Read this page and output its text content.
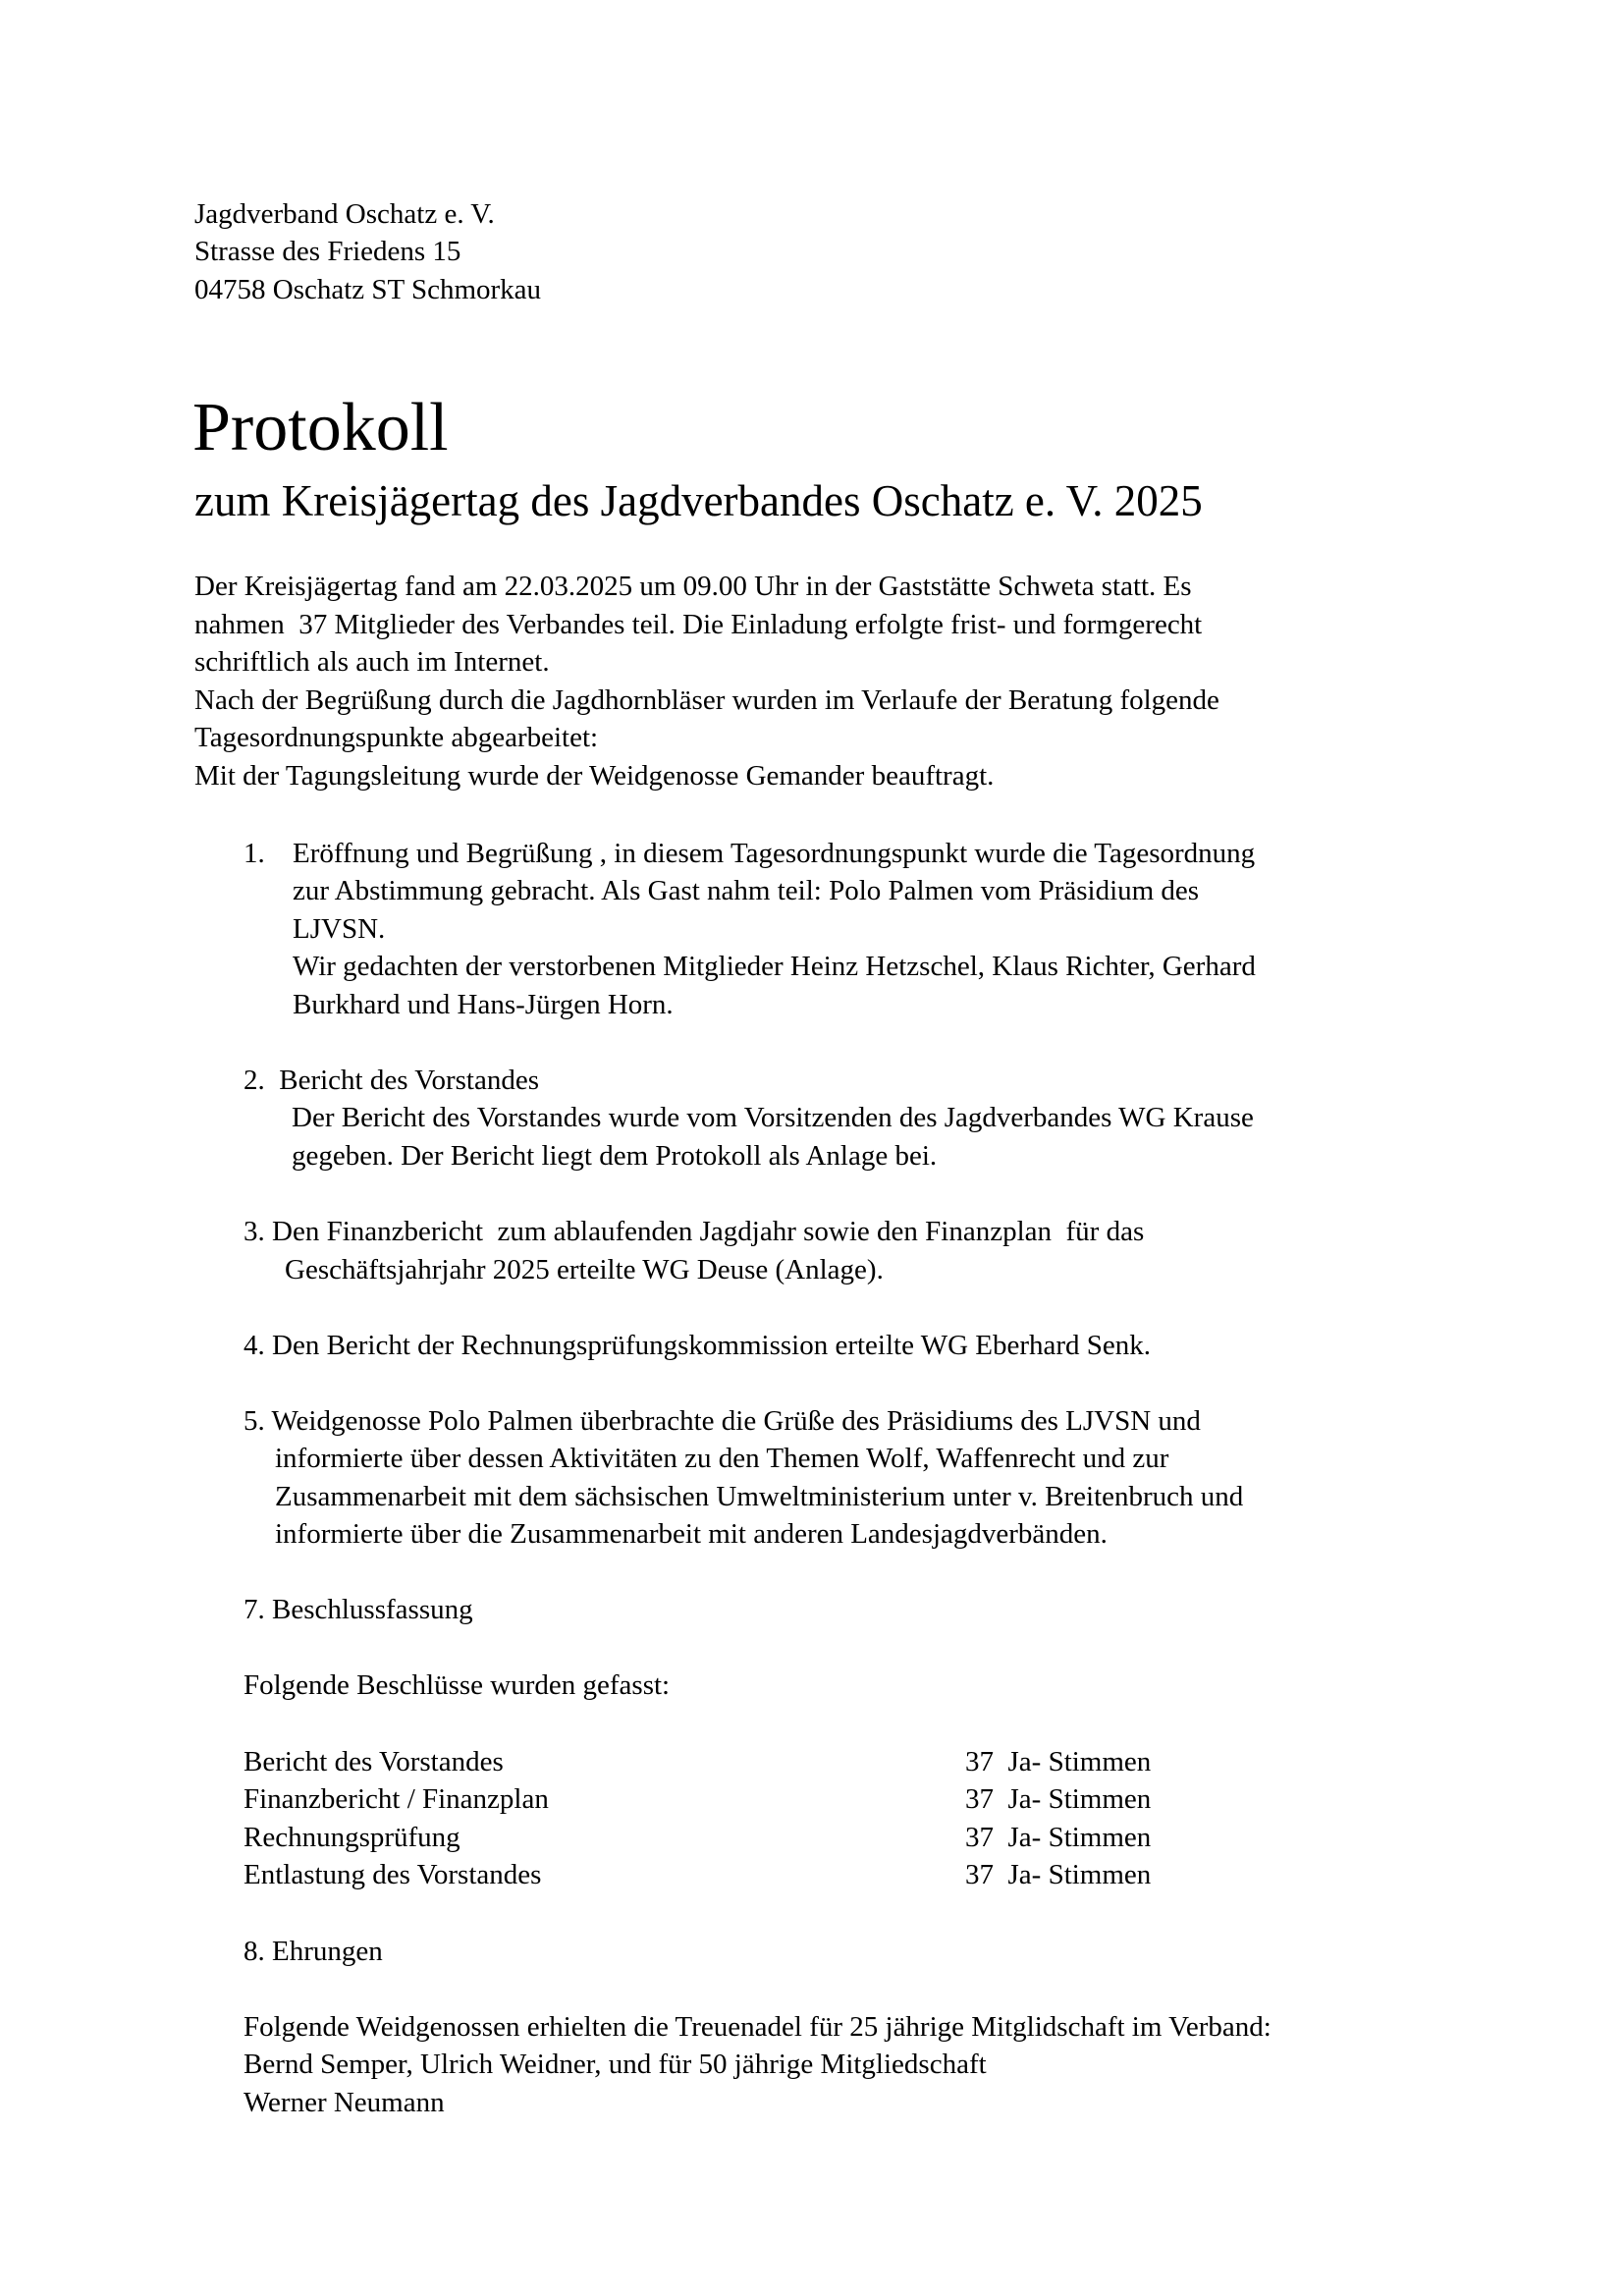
Jagdverband Oschatz e. V.
Strasse des Friedens 15
04758 Oschatz ST Schmorkau
Protokoll
zum Kreisjägertag des Jagdverbandes Oschatz e. V. 2025
Der Kreisjägertag fand am 22.03.2025 um 09.00 Uhr in der Gaststätte Schweta statt. Es
nahmen  37 Mitglieder des Verbandes teil. Die Einladung erfolgte frist- und formgerecht
schriftlich als auch im Internet.
Nach der Begrüßung durch die Jagdhornbläser wurden im Verlaufe der Beratung folgende
Tagesordnungspunkte abgearbeitet:
Mit der Tagungsleitung wurde der Weidgenosse Gemander beauftragt.
1. Eröffnung und Begrüßung , in diesem Tagesordnungspunkt wurde die Tagesordnung
zur Abstimmung gebracht. Als Gast nahm teil: Polo Palmen vom Präsidium des
LJVSN.
Wir gedachten der verstorbenen Mitglieder Heinz Hetzschel, Klaus Richter, Gerhard
Burkhard und Hans-Jürgen Horn.
2.  Bericht des Vorstandes
Der Bericht des Vorstandes wurde vom Vorsitzenden des Jagdverbandes WG Krause
gegeben. Der Bericht liegt dem Protokoll als Anlage bei.
3. Den Finanzbericht  zum ablaufenden Jagdjahr sowie den Finanzplan  für das
Geschäftsjahrjahr 2025 erteilte WG Deuse (Anlage).
4. Den Bericht der Rechnungsprüfungskommission erteilte WG Eberhard Senk.
5. Weidgenosse Polo Palmen überbrachte die Grüße des Präsidiums des LJVSN und
informierte über dessen Aktivitäten zu den Themen Wolf, Waffenrecht und zur
Zusammenarbeit mit dem sächsischen Umweltministerium unter v. Breitenbruch und
informierte über die Zusammenarbeit mit anderen Landesjagdverbänden.
7. Beschlussfassung
Folgende Beschlüsse wurden gefasst:
Bericht des Vorstandes	37  Ja- Stimmen
Finanzbericht / Finanzplan	37  Ja- Stimmen
Rechnungsprüfung	37  Ja- Stimmen
Entlastung des Vorstandes	37  Ja- Stimmen
8. Ehrungen
Folgende Weidgenossen erhielten die Treuenadel für 25 jährige Mitglidschaft im Verband:
Bernd Semper, Ulrich Weidner, und für 50 jährige Mitgliedschaft
Werner Neumann
